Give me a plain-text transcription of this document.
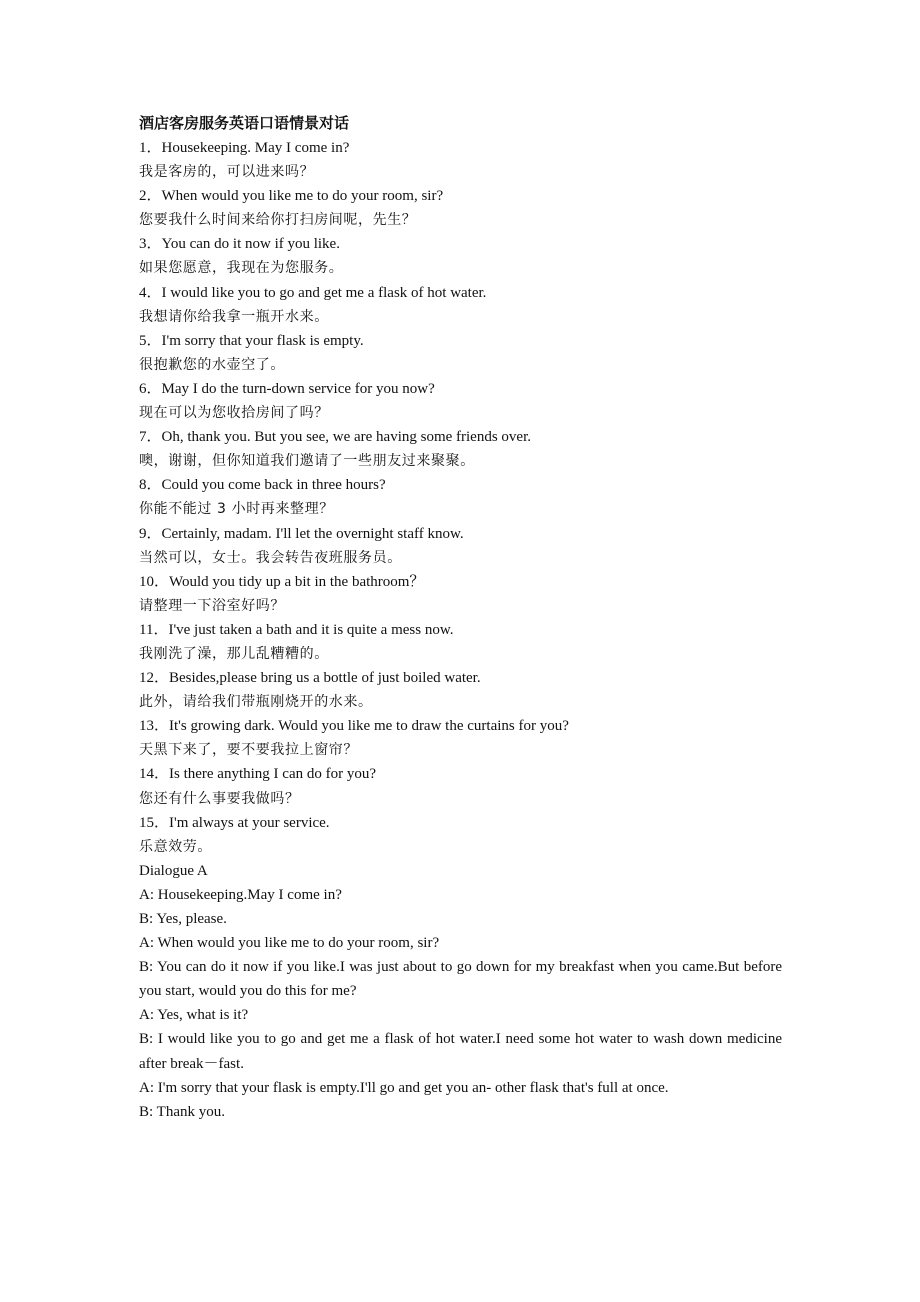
酒店客房服务英语口语情景对话

1．Housekeeping. May I come in?

我是客房的，可以进来吗？

2．When would you like me to do your room, sir?

您要我什么时间来给你打扫房间呢，先生？

3．You can do it now if you like.

如果您愿意，我现在为您服务。

4．I would like you to go and get me a flask of hot water.

我想请你给我拿一瓶开水来。

5．I'm sorry that your flask is empty.

很抱歉您的水壶空了。

6．May I do the turn-down service for you now?

现在可以为您收拾房间了吗？

7．Oh, thank you. But you see, we are having some friends over.

噢，谢谢，但你知道我们邀请了一些朋友过来聚聚。

8．Could you come back in three hours?

你能不能过 3 小时再来整理？

9．Certainly, madam. I'll let the overnight staff know.

当然可以，女士。我会转告夜班服务员。

10．Would you tidy up a bit in the bathroom？

请整理一下浴室好吗？

11．I've just taken a bath and it is quite a mess now.

我刚洗了澡，那儿乱糟糟的。

12．Besides,please bring us a bottle of just boiled water.

此外，请给我们带瓶刚烧开的水来。

13．It's growing dark. Would you like me to draw the curtains for you?

天黑下来了，要不要我拉上窗帘？

14．Is there anything I can do for you?

您还有什么事要我做吗？

15．I'm always at your service.

乐意效劳。

Dialogue A

A: Housekeeping.May I come in?

B: Yes, please.

A: When would you like me to do your room, sir?

B: You can do it now if you like.I was just about to go down for my breakfast when you came.But before you start, would you do this for me?

A: Yes, what is it?

B: I would like you to go and get me a flask of hot water.I need some hot water to wash down medicine after break－fast.

A: I'm sorry that your flask is empty.I'll go and get you an- other flask that's full at once.

B: Thank you.
